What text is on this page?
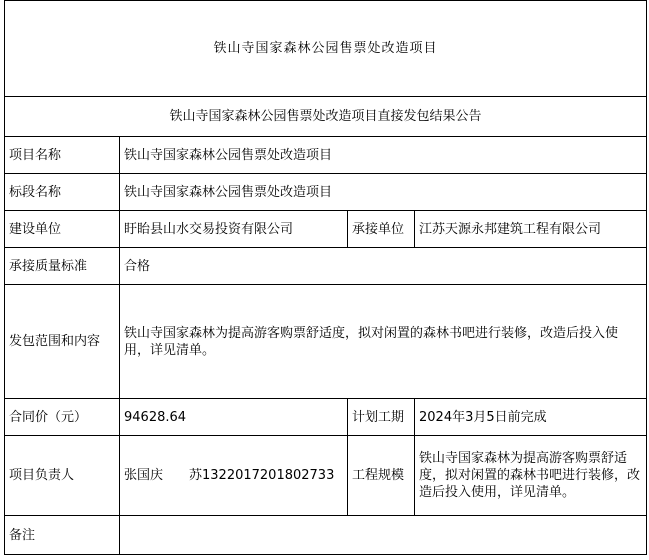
铁山寺国家森林公园售票处改造项目			
铁山寺国家森林公园售票处改造项目直接发包结果公告			
项目名称	铁山寺国家森林公园售票处改造项目		
标段名称	铁山寺国家森林公园售票处改造项目		
建设单位	盱眙县山水交易投资有限公司	承接单位	江苏天源永邦建筑工程有限公司
承接质量标准	合格		
发包范围和内容	铁山寺国家森林为提高游客购票舒适度，拟对闲置的森林书吧进行装修，改造后投入使用，详见清单。		
合同价（元）	94628.64	计划工期	2024年3月5日前完成
项目负责人	张国庆 苏1322017201802733	工程规模	铁山寺国家森林为提高游客购票舒适度，拟对闲置的森林书吧进行装修，改造后投入使用，详见清单。
备注			
